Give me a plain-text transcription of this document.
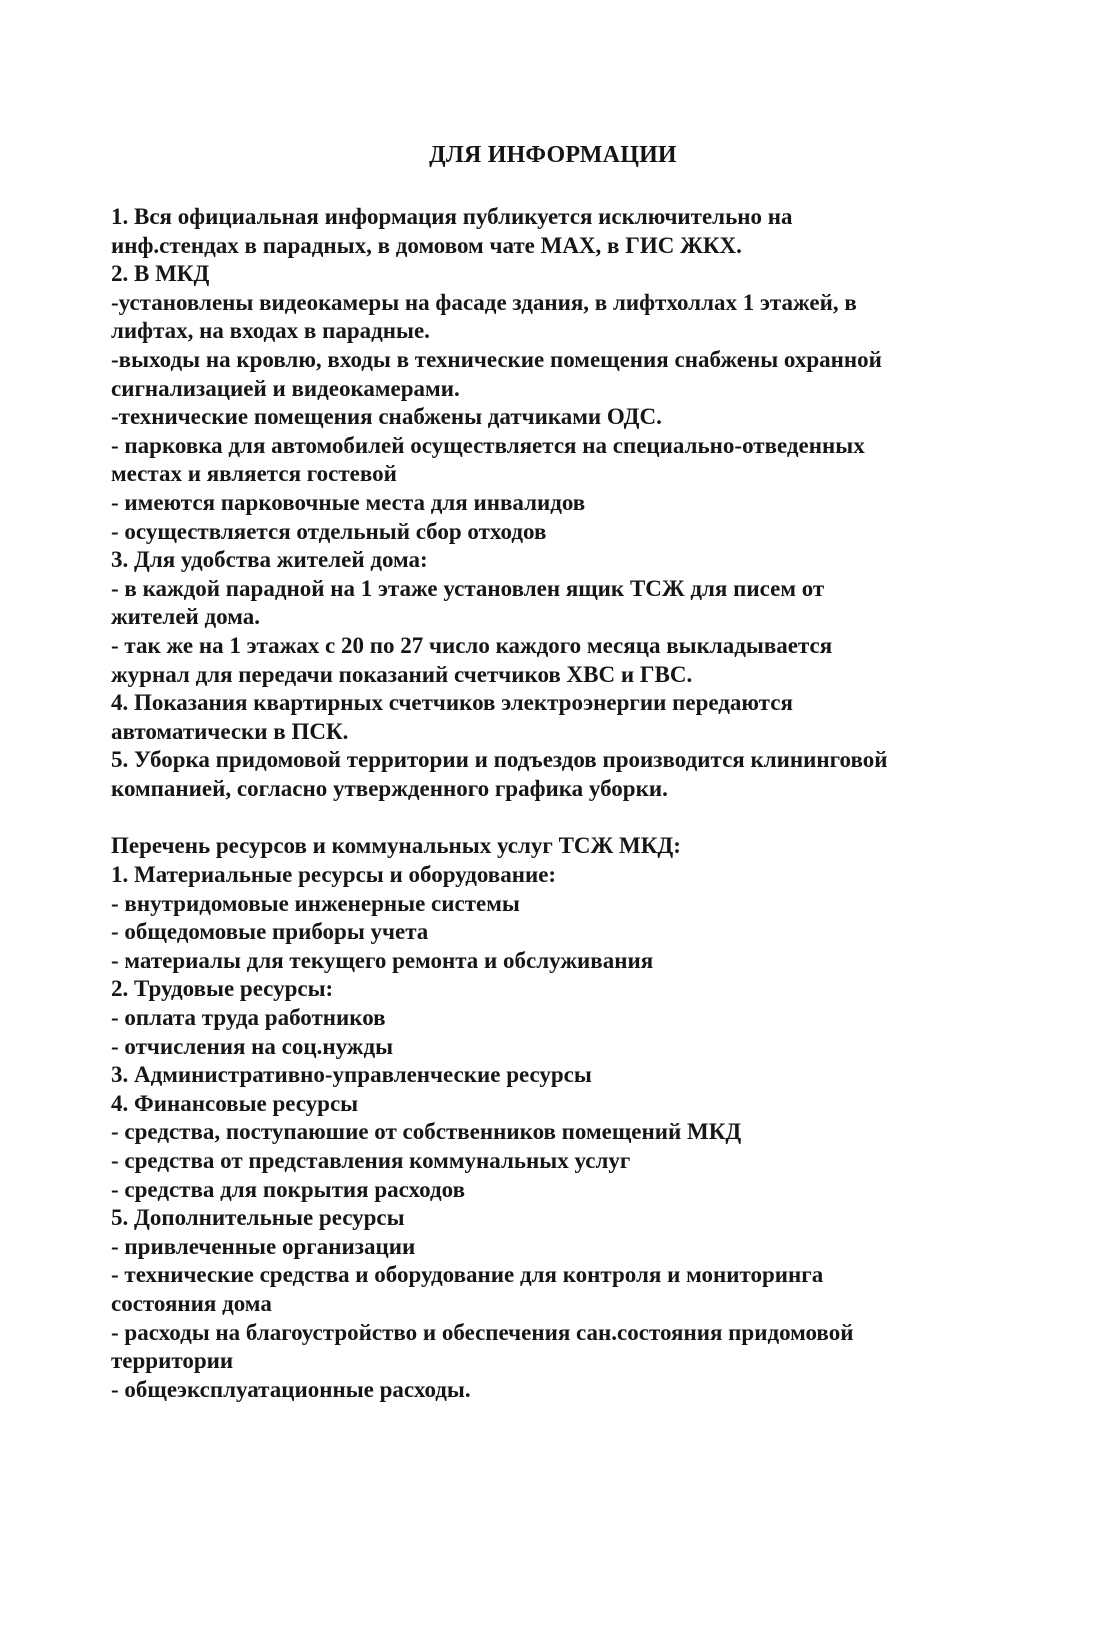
ДЛЯ ИНФОРМАЦИИ
1. Вся официальная информация публикуется исключительно на
инф.стендах в парадных, в домовом чате МАХ, в ГИС ЖКХ.
2. В МКД
-установлены видеокамеры на фасаде здания, в лифтхоллах 1 этажей, в
лифтах, на входах в парадные.
-выходы на кровлю, входы в технические помещения снабжены охранной
сигнализацией и видеокамерами.
-технические помещения снабжены датчиками ОДС.
- парковка для автомобилей осуществляется на специально-отведенных
местах и является гостевой
- имеются парковочные места для инвалидов
- осуществляется отдельный сбор отходов
3. Для удобства жителей дома:
- в каждой парадной на 1 этаже установлен ящик ТСЖ для писем от
жителей дома.
- так же на 1 этажах с 20 по 27 число каждого месяца выкладывается
журнал для передачи показаний счетчиков ХВС и ГВС.
4. Показания квартирных счетчиков электроэнергии передаются
автоматически в ПСК.
5. Уборка придомовой территории и подъездов производится клининговой
компанией, согласно утвержденного графика уборки.
Перечень ресурсов и коммунальных услуг ТСЖ МКД:
1. Материальные ресурсы и оборудование:
- внутридомовые инженерные системы
- общедомовые приборы учета
- материалы для текущего ремонта и обслуживания
2. Трудовые ресурсы:
- оплата труда работников
- отчисления на соц.нужды
3. Административно-управленческие ресурсы
4. Финансовые ресурсы
- средства, поступаюшие от собственников помещений МКД
- средства от представления коммунальных услуг
- средства для покрытия расходов
5. Дополнительные ресурсы
- привлеченные организации
- технические средства и оборудование для контроля и мониторинга
состояния дома
- расходы на благоустройство и обеспечения сан.состояния придомовой
территории
- общеэксплуатационные расходы.
